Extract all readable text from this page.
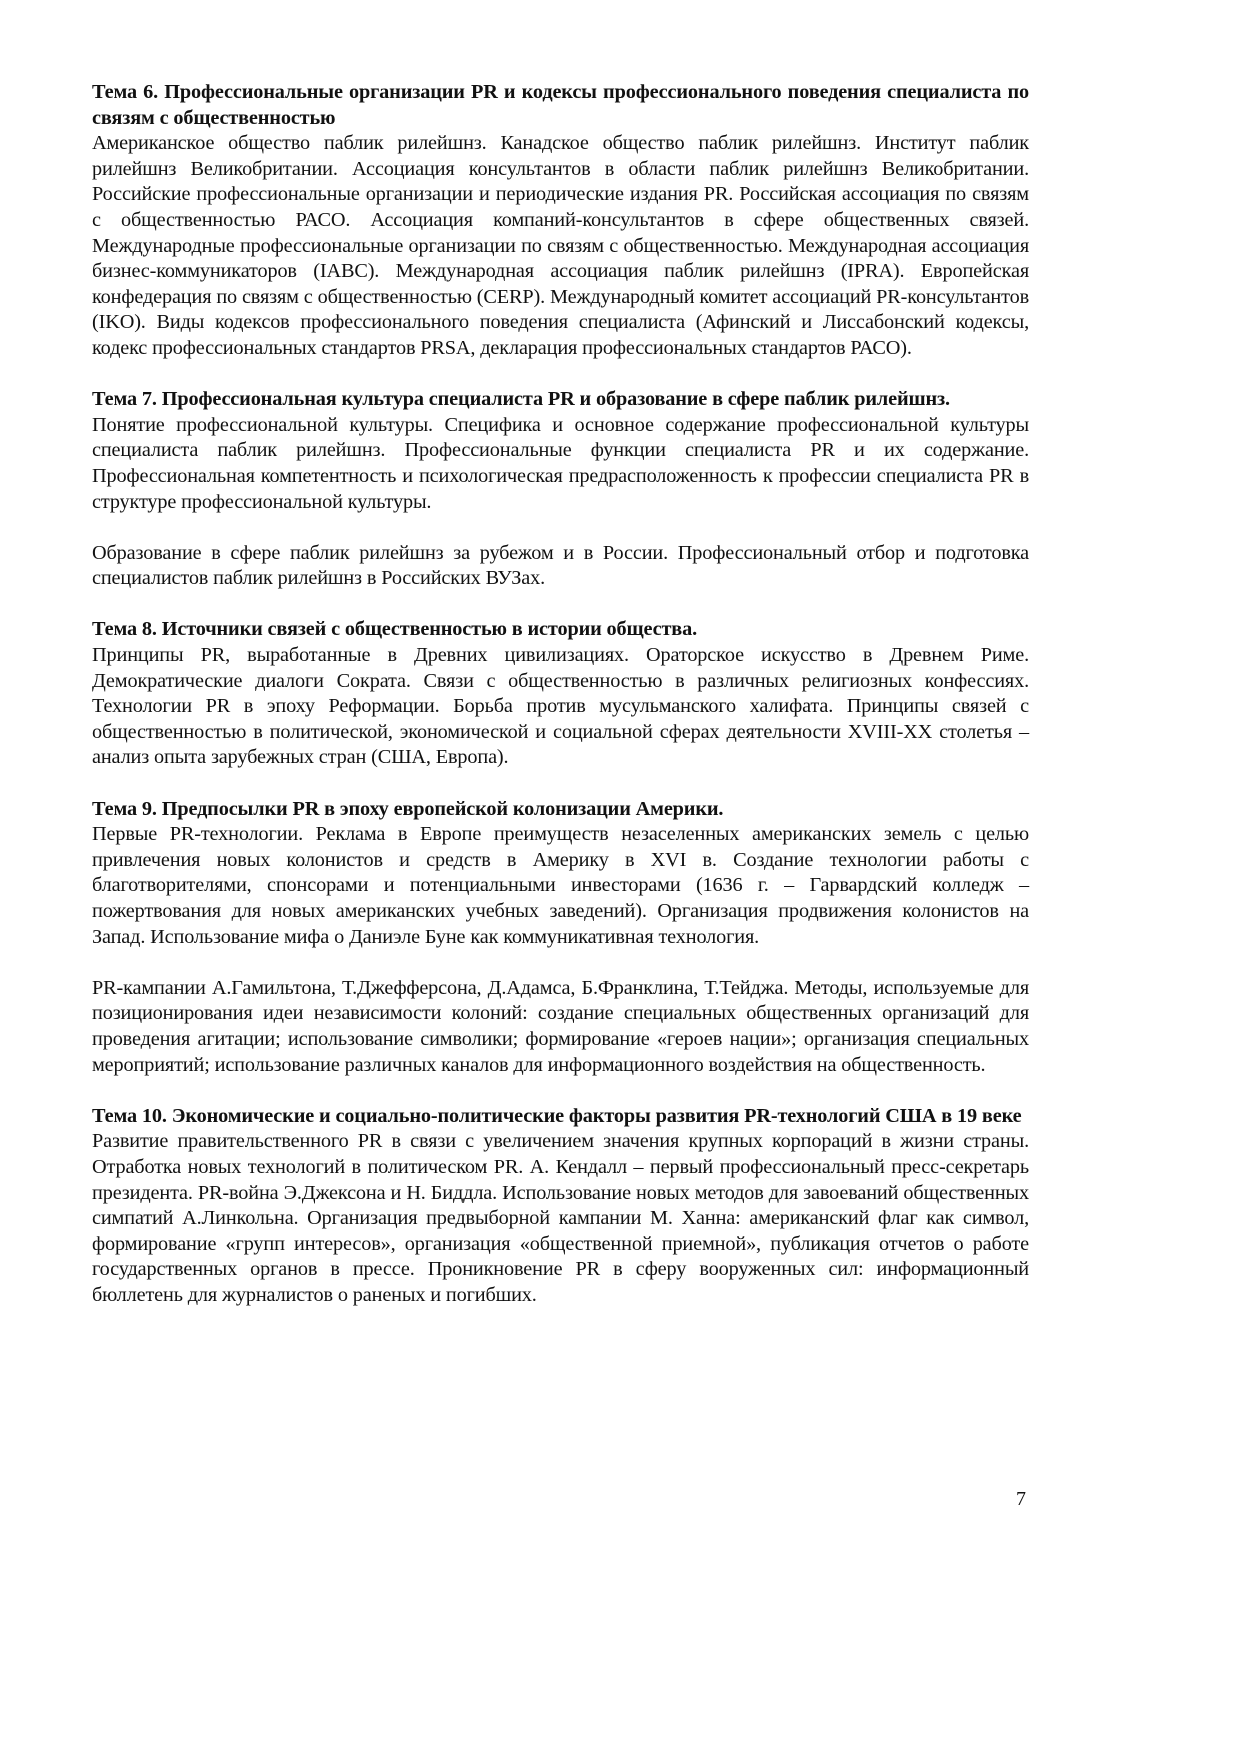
Тема 6. Профессиональные организации PR и кодексы профессионального поведения специалиста по связям с общественностью

Американское общество паблик рилейшнз. Канадское общество паблик рилейшнз. Институт паблик рилейшнз Великобритании. Ассоциация консультантов в области паблик рилейшнз Великобритании. Российские профессиональные организации и периодические издания PR. Российская ассоциация по связям с общественностью РАСО. Ассоциация компаний-консультантов в сфере общественных связей. Международные профессиональные организации по связям с общественностью. Международная ассоциация бизнес-коммуникаторов (IABC). Международная ассоциация паблик рилейшнз (IPRA). Европейская конфедерация по связям с общественностью (CERP). Международный комитет ассоциаций PR-консультантов (IKO). Виды кодексов профессионального поведения специалиста (Афинский и Лиссабонский кодексы, кодекс профессиональных стандартов PRSA, декларация профессиональных стандартов РАСО).

Тема 7. Профессиональная культура специалиста PR и образование в сфере паблик рилейшнз.

Понятие профессиональной культуры. Специфика и основное содержание профессиональной культуры специалиста паблик рилейшнз. Профессиональные функции специалиста PR и их содержание. Профессиональная компетентность и психологическая предрасположенность к профессии специалиста PR в структуре профессиональной культуры.

Образование в сфере паблик рилейшнз за рубежом и в России. Профессиональный отбор и подготовка специалистов паблик рилейшнз в Российских ВУЗах.

Тема 8. Источники связей с общественностью в истории общества.

Принципы PR, выработанные в Древних цивилизациях. Ораторское искусство в Древнем Риме. Демократические диалоги Сократа. Связи с общественностью в различных религиозных конфессиях. Технологии PR в эпоху Реформации. Борьба против мусульманского халифата. Принципы связей с общественностью в политической, экономической и социальной сферах деятельности XVIII-XX столетья – анализ опыта зарубежных стран (США, Европа).

Тема 9. Предпосылки PR в эпоху европейской колонизации Америки.

Первые PR-технологии. Реклама в Европе преимуществ незаселенных американских земель с целью привлечения новых колонистов и средств в Америку в XVI в. Создание технологии работы с благотворителями, спонсорами и потенциальными инвесторами (1636 г. – Гарвардский колледж – пожертвования для новых американских учебных заведений). Организация продвижения колонистов на Запад. Использование мифа о Даниэле Буне как коммуникативная технология.

PR-кампании А.Гамильтона, Т.Джефферсона, Д.Адамса, Б.Франклина, Т.Тейджа. Методы, используемые для позиционирования идеи независимости колоний: создание специальных общественных организаций для проведения агитации; использование символики; формирование «героев нации»; организация специальных мероприятий; использование различных каналов для информационного воздействия на общественность.

Тема 10. Экономические и социально-политические факторы развития PR-технологий США в 19 веке

Развитие правительственного PR в связи с увеличением значения крупных корпораций в жизни страны. Отработка новых технологий в политическом PR. А. Кендалл – первый профессиональный пресс-секретарь президента. PR-война Э.Джексона и Н. Биддла. Использование новых методов для завоеваний общественных симпатий А.Линкольна. Организация предвыборной кампании М. Ханна: американский флаг как символ, формирование «групп интересов», организация «общественной приемной», публикация отчетов о работе государственных органов в прессе. Проникновение PR в сферу вооруженных сил: информационный бюллетень для журналистов о раненых и погибших.

7
